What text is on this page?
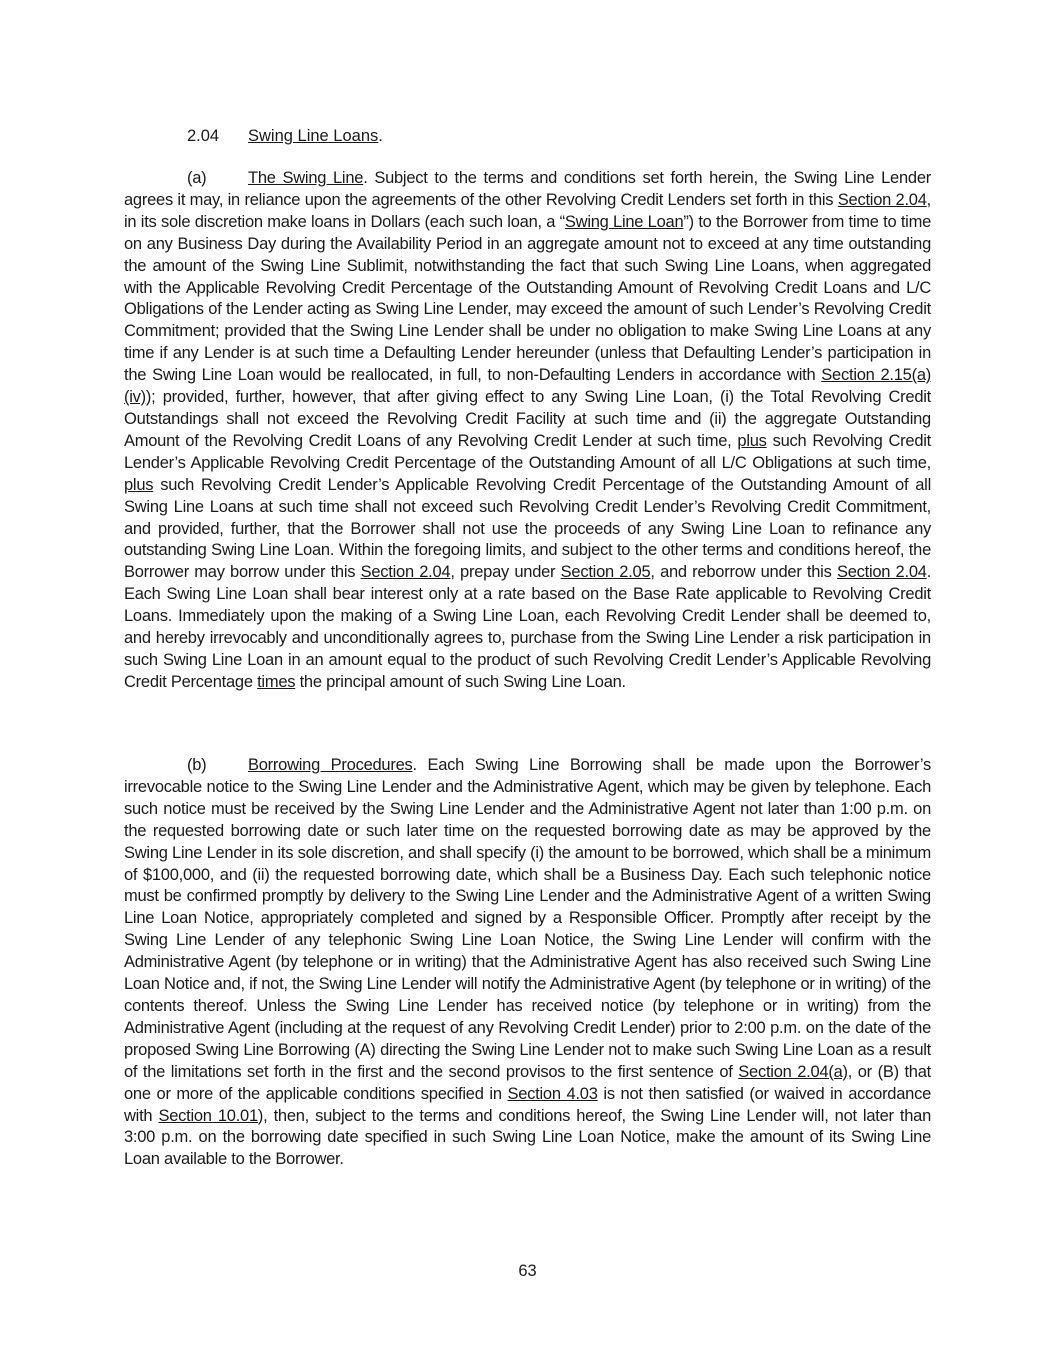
2.04 Swing Line Loans.

(a)	The Swing Line. Subject to the terms and conditions set forth herein, the Swing Line Lender agrees it may, in reliance upon the agreements of the other Revolving Credit Lenders set forth in this Section 2.04, in its sole discretion make loans in Dollars (each such loan, a “Swing Line Loan”) to the Borrower from time to time on any Business Day during the Availability Period in an aggregate amount not to exceed at any time outstanding the amount of the Swing Line Sublimit, notwithstanding the fact that such Swing Line Loans, when aggregated with the Applicable Revolving Credit Percentage of the Outstanding Amount of Revolving Credit Loans and L/C Obligations of the Lender acting as Swing Line Lender, may exceed the amount of such Lender’s Revolving Credit Commitment; provided that the Swing Line Lender shall be under no obligation to make Swing Line Loans at any time if any Lender is at such time a Defaulting Lender hereunder (unless that Defaulting Lender’s participation in the Swing Line Loan would be reallocated, in full, to non-Defaulting Lenders in accordance with Section 2.15(a)(iv)); provided, further, however, that after giving effect to any Swing Line Loan, (i) the Total Revolving Credit Outstandings shall not exceed the Revolving Credit Facility at such time and (ii) the aggregate Outstanding Amount of the Revolving Credit Loans of any Revolving Credit Lender at such time, plus such Revolving Credit Lender’s Applicable Revolving Credit Percentage of the Outstanding Amount of all L/C Obligations at such time, plus such Revolving Credit Lender’s Applicable Revolving Credit Percentage of the Outstanding Amount of all Swing Line Loans at such time shall not exceed such Revolving Credit Lender’s Revolving Credit Commitment, and provided, further, that the Borrower shall not use the proceeds of any Swing Line Loan to refinance any outstanding Swing Line Loan. Within the foregoing limits, and subject to the other terms and conditions hereof, the Borrower may borrow under this Section 2.04, prepay under Section 2.05, and reborrow under this Section 2.04. Each Swing Line Loan shall bear interest only at a rate based on the Base Rate applicable to Revolving Credit Loans. Immediately upon the making of a Swing Line Loan, each Revolving Credit Lender shall be deemed to, and hereby irrevocably and unconditionally agrees to, purchase from the Swing Line Lender a risk participation in such Swing Line Loan in an amount equal to the product of such Revolving Credit Lender’s Applicable Revolving Credit Percentage times the principal amount of such Swing Line Loan.

(b)	Borrowing Procedures. Each Swing Line Borrowing shall be made upon the Borrower’s irrevocable notice to the Swing Line Lender and the Administrative Agent, which may be given by telephone. Each such notice must be received by the Swing Line Lender and the Administrative Agent not later than 1:00 p.m. on the requested borrowing date or such later time on the requested borrowing date as may be approved by the Swing Line Lender in its sole discretion, and shall specify (i) the amount to be borrowed, which shall be a minimum of $100,000, and (ii) the requested borrowing date, which shall be a Business Day. Each such telephonic notice must be confirmed promptly by delivery to the Swing Line Lender and the Administrative Agent of a written Swing Line Loan Notice, appropriately completed and signed by a Responsible Officer. Promptly after receipt by the Swing Line Lender of any telephonic Swing Line Loan Notice, the Swing Line Lender will confirm with the Administrative Agent (by telephone or in writing) that the Administrative Agent has also received such Swing Line Loan Notice and, if not, the Swing Line Lender will notify the Administrative Agent (by telephone or in writing) of the contents thereof. Unless the Swing Line Lender has received notice (by telephone or in writing) from the Administrative Agent (including at the request of any Revolving Credit Lender) prior to 2:00 p.m. on the date of the proposed Swing Line Borrowing (A) directing the Swing Line Lender not to make such Swing Line Loan as a result of the limitations set forth in the first and the second provisos to the first sentence of Section 2.04(a), or (B) that one or more of the applicable conditions specified in Section 4.03 is not then satisfied (or waived in accordance with Section 10.01), then, subject to the terms and conditions hereof, the Swing Line Lender will, not later than 3:00 p.m. on the borrowing date specified in such Swing Line Loan Notice, make the amount of its Swing Line Loan available to the Borrower.

63
